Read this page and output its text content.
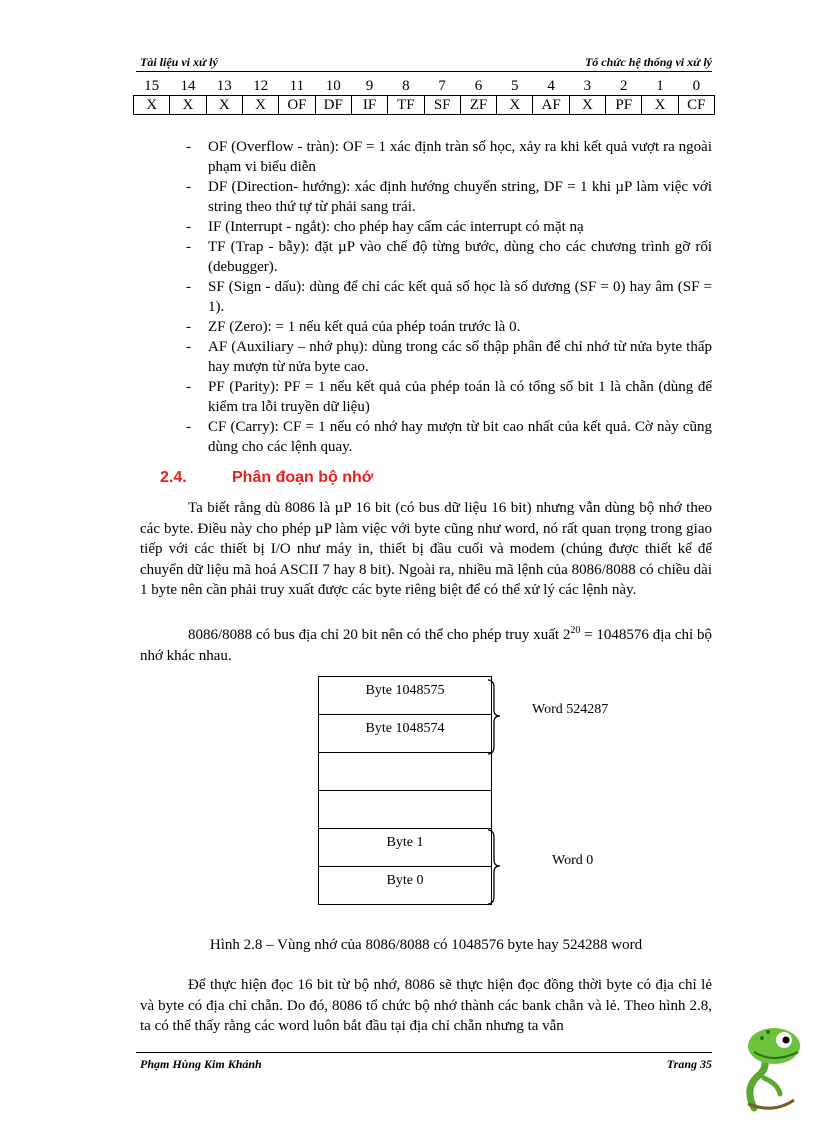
Tài liệu vi xử lý	Tổ chức hệ thống vi xử lý
15	14	13	12	11	10	9	8	7	6	5	4	3	2	1	0
X	X	X	X	OF	DF	IF	TF	SF	ZF	X	AF	X	PF	X	CF
- OF (Overflow - tràn): OF = 1 xác định tràn số học, xảy ra khi kết quả vượt ra ngoài phạm vi biểu diễn
- DF (Direction- hướng): xác định hướng chuyển string, DF = 1 khi µP làm việc với string theo thứ tự từ phải sang trái.
- IF (Interrupt - ngắt): cho phép hay cấm các interrupt có mặt nạ
- TF (Trap - bẫy): đặt µP vào chế độ từng bước, dùng cho các chương trình gỡ rối (debugger).
- SF (Sign - dấu): dùng để chỉ các kết quả số học là số dương (SF = 0) hay âm (SF = 1).
- ZF (Zero): = 1 nếu kết quả của phép toán trước là 0.
- AF (Auxiliary – nhớ phụ): dùng trong các số thập phân để chỉ nhớ từ nửa byte thấp hay mượn từ nửa byte cao.
- PF (Parity): PF = 1 nếu kết quả của phép toán là có tổng số bit 1 là chẵn (dùng để kiểm tra lỗi truyền dữ liệu)
- CF (Carry): CF = 1 nếu có nhớ hay mượn từ bit cao nhất của kết quả. Cờ này cũng dùng cho các lệnh quay.
2.4.	Phân đoạn bộ nhớ

Ta biết rằng dù 8086 là µP 16 bit (có bus dữ liệu 16 bit) nhưng vẫn dùng bộ nhớ theo các byte. Điều này cho phép µP làm việc với byte cũng như word, nó rất quan trọng trong giao tiếp với các thiết bị I/O như máy in, thiết bị đầu cuối và modem (chúng được thiết kế để chuyển dữ liệu mã hoá ASCII 7 hay 8 bit). Ngoài ra, nhiều mã lệnh của 8086/8088 có chiều dài 1 byte nên cần phải truy xuất được các byte riêng biệt để có thể xử lý các lệnh này.

8086/8088 có bus địa chỉ 20 bit nên có thể cho phép truy xuất $2^{20} = 1048576$ địa chỉ bộ nhớ khác nhau.

Byte 1048575
Byte 1048574
Byte 1
Byte 0
Word 524287
Word 0
Hình 2.8 – Vùng nhớ của 8086/8088 có 1048576 byte hay 524288 word

Để thực hiện đọc 16 bit từ bộ nhớ, 8086 sẽ thực hiện đọc đồng thời byte có địa chỉ lẻ và byte có địa chỉ chẵn. Do đó, 8086 tổ chức bộ nhớ thành các bank chẵn và lẻ. Theo hình 2.8, ta có thể thấy rằng các word luôn bắt đầu tại địa chỉ chẵn nhưng ta vẫn

Phạm Hùng Kim Khánh	Trang 35
